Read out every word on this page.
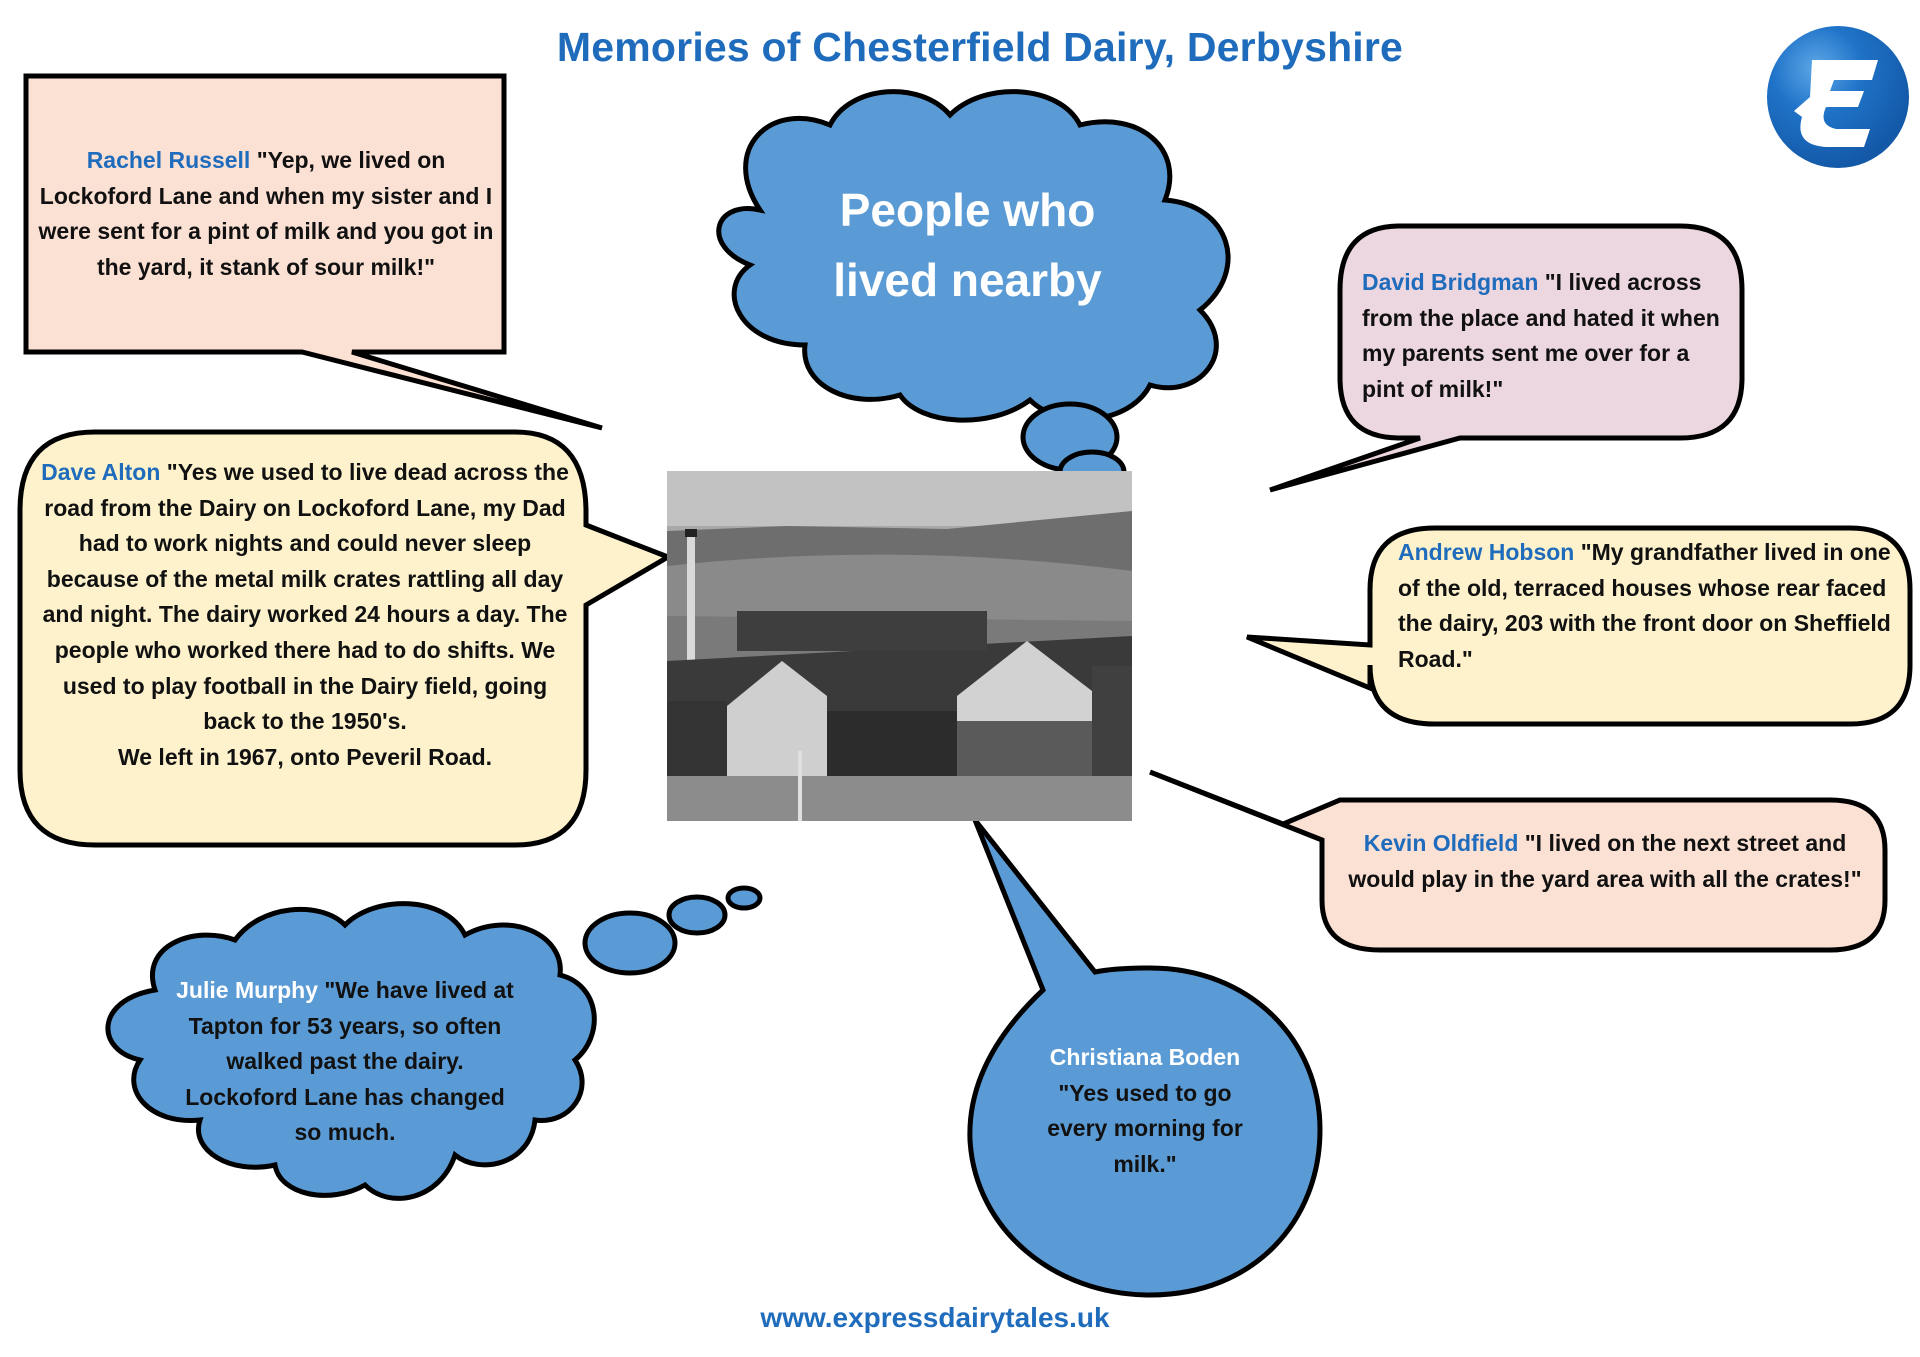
Memories of Chesterfield Dairy, Derbyshire
People who
lived nearby
Rachel Russell "Yep, we lived on Lockoford Lane and when my sister and I were sent for a pint of milk and you got in the yard, it stank of sour milk!"
Dave Alton "Yes we used to live dead across the road from the Dairy on Lockoford Lane, my Dad had to work nights and could never sleep because of the metal milk crates rattling all day and night. The dairy worked 24 hours a day. The people who worked there had to do shifts. We used to play football in the Dairy field, going back to the 1950's.
We left in 1967, onto Peveril Road.
David Bridgman "I lived across from the place and hated it when my parents sent me over for a pint of milk!"
Andrew Hobson "My grandfather lived in one of the old, terraced houses whose rear faced the dairy, 203 with the front door on Sheffield Road."
Kevin Oldfield "I lived on the next street and would play in the yard area with all the crates!"
Julie Murphy "We have lived at Tapton for 53 years, so often walked past the dairy. Lockoford Lane has changed so much.
Christiana Boden
"Yes used to go every morning for milk."
www.expressdairytales.uk
